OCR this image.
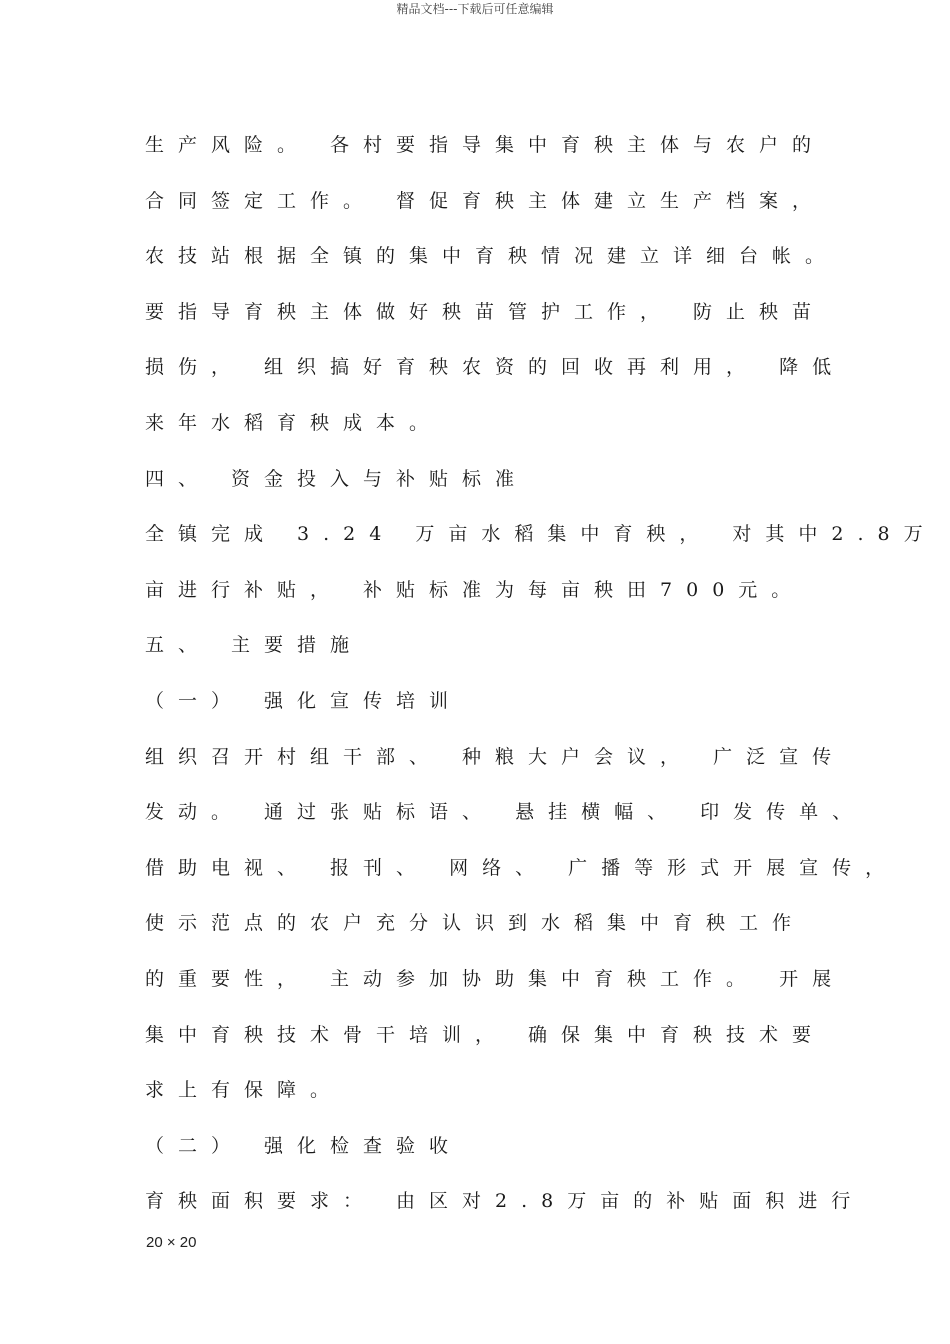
精品文档---下载后可任意编辑
生产风险。 各村要指导集中育秧主体与农户的
合同签定工作。 督促育秧主体建立生产档案，
农技站根据全镇的集中育秧情况建立详细台帐。
要指导育秧主体做好秧苗管护工作， 防止秧苗
损伤， 组织搞好育秧农资的回收再利用， 降低
来年水稻育秧成本。
四、 资金投入与补贴标准
全镇完成 3.24 万亩水稻集中育秧， 对其中2.8万
亩进行补贴， 补贴标准为每亩秧田700元。
五、 主要措施
（一） 强化宣传培训
组织召开村组干部、 种粮大户会议， 广泛宣传
发动。 通过张贴标语、 悬挂横幅、 印发传单、
借助电视、 报刊、 网络、 广播等形式开展宣传，
使示范点的农户充分认识到水稻集中育秧工作
的重要性， 主动参加协助集中育秧工作。 开展
集中育秧技术骨干培训， 确保集中育秧技术要
求上有保障。
（二） 强化检查验收
育秧面积要求： 由区对2.8万亩的补贴面积进行
20 × 20
